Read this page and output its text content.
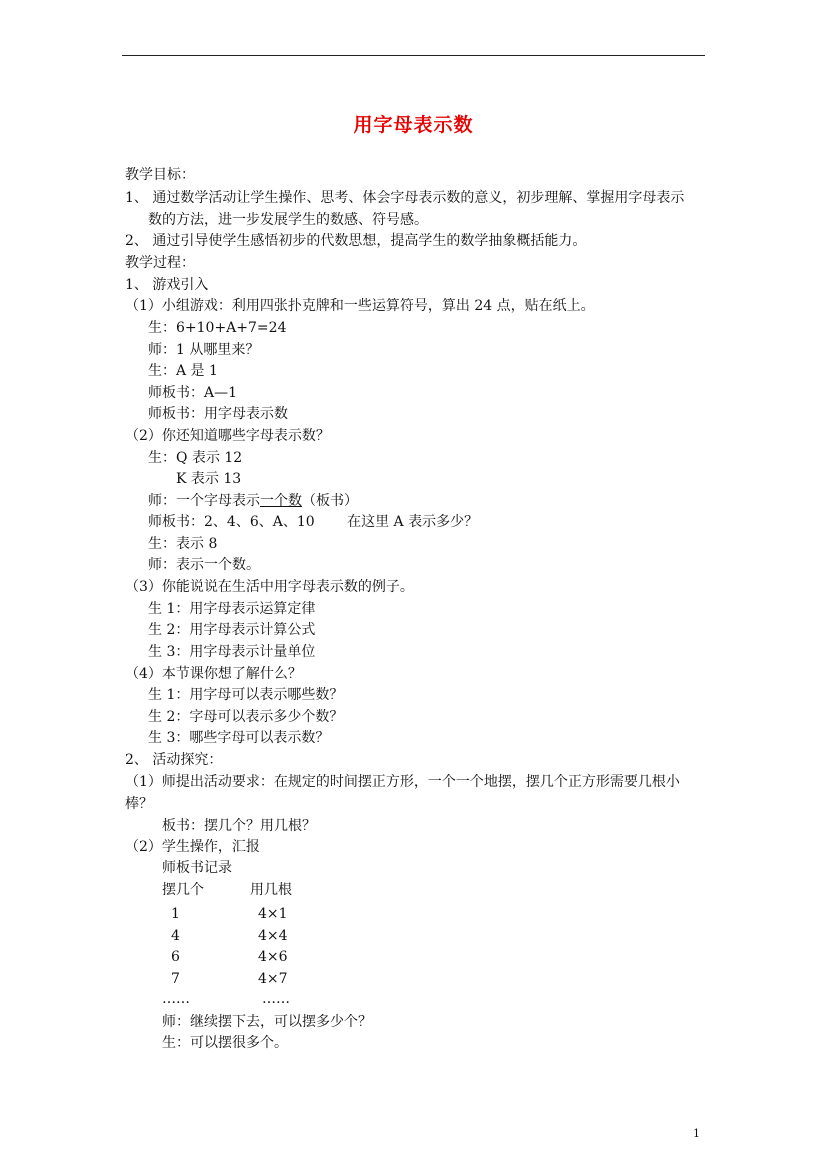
用字母表示数
教学目标：
1、 通过数学活动让学生操作、思考、体会字母表示数的意义，初步理解、掌握用字母表示
数的方法，进一步发展学生的数感、符号感。
2、 通过引导使学生感悟初步的代数思想，提高学生的数学抽象概括能力。
教学过程：
1、 游戏引入
（1）小组游戏：利用四张扑克牌和一些运算符号，算出 24 点，贴在纸上。
生：6+10+A+7=24
师：1 从哪里来？
生：A 是 1
师板书：A—1
师板书：用字母表示数
（2）你还知道哪些字母表示数？
生：Q 表示 12
K 表示 13
师：一个字母表示一个数（板书）
师板书：2、4、6、A、10 　　在这里 A 表示多少？
生：表示 8
师：表示一个数。
（3）你能说说在生活中用字母表示数的例子。
生 1：用字母表示运算定律
生 2：用字母表示计算公式
生 3：用字母表示计量单位
（4）本节课你想了解什么？
生 1：用字母可以表示哪些数？
生 2：字母可以表示多少个数？
生 3：哪些字母可以表示数？
2、 活动探究：
（1）师提出活动要求：在规定的时间摆正方形，一个一个地摆，摆几个正方形需要几根小
棒？
板书：摆几个？用几根？
（2）学生操作，汇报
师板书记录
摆几个	用几根
1	4×1
4	4×4
6	4×6
7	4×7
……	……
师：继续摆下去，可以摆多少个？
生：可以摆很多个。
1
